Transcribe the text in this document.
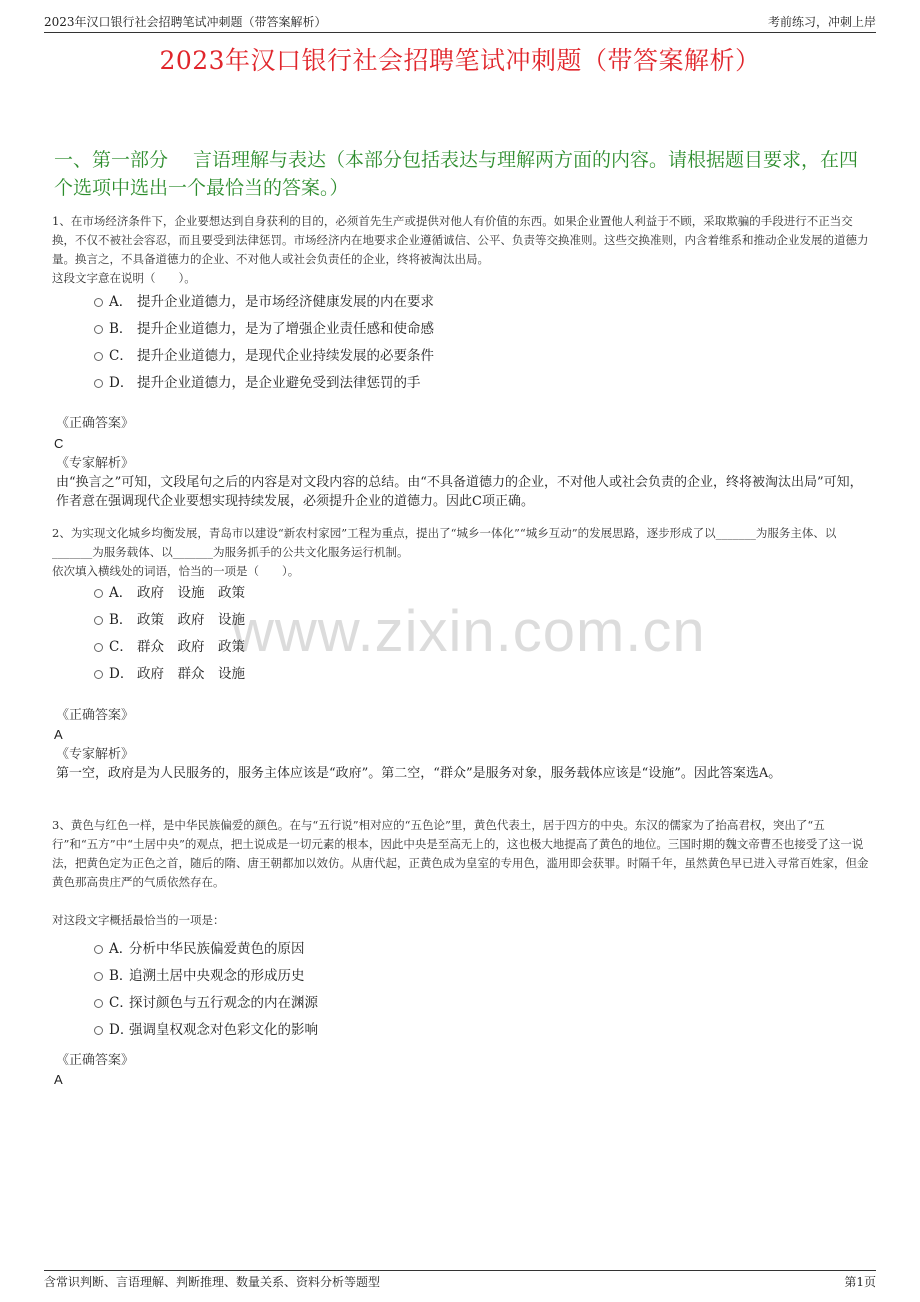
2023年汉口银行社会招聘笔试冲刺题（带答案解析）	考前练习，冲刺上岸
2023年汉口银行社会招聘笔试冲刺题（带答案解析）
一、第一部分　 言语理解与表达（本部分包括表达与理解两方面的内容。请根据题目要求，在四个选项中选出一个最恰当的答案。）
www.zixin.com.cn
1、在市场经济条件下，企业要想达到自身获利的目的，必须首先生产或提供对他人有价值的东西。如果企业置他人利益于不顾，采取欺骗的手段进行不正当交换，不仅不被社会容忍，而且要受到法律惩罚。市场经济内在地要求企业遵循诚信、公平、负责等交换准则。这些交换准则，内含着维系和推动企业发展的道德力量。换言之，不具备道德力的企业、不对他人或社会负责任的企业，终将被淘汰出局。
这段文字意在说明（　　）。
A． 提升企业道德力，是市场经济健康发展的内在要求
B． 提升企业道德力，是为了增强企业责任感和使命感
C． 提升企业道德力，是现代企业持续发展的必要条件
D． 提升企业道德力，是企业避免受到法律惩罚的手
《正确答案》
C
《专家解析》
由“换言之”可知，文段尾句之后的内容是对文段内容的总结。由“不具备道德力的企业，不对他人或社会负责的企业，终将被淘汰出局”可知，作者意在强调现代企业要想实现持续发展，必须提升企业的道德力。因此C项正确。
2、为实现文化城乡均衡发展，青岛市以建设“新农村家园”工程为重点，提出了“城乡一体化”“城乡互动”的发展思路，逐步形成了以_______为服务主体、以_______为服务载体、以_______为服务抓手的公共文化服务运行机制。
依次填入横线处的词语，恰当的一项是（　　）。
A． 政府　设施　政策
B． 政策　政府　设施
C． 群众　政府　政策
D． 政府　群众　设施
《正确答案》
A
《专家解析》
第一空，政府是为人民服务的，服务主体应该是“政府”。第二空，“群众”是服务对象，服务载体应该是“设施”。因此答案选A。
3、黄色与红色一样，是中华民族偏爱的颜色。在与“五行说”相对应的“五色论”里，黄色代表土，居于四方的中央。东汉的儒家为了抬高君权，突出了“五行”和“五方”中“土居中央”的观点，把土说成是一切元素的根本，因此中央是至高无上的，这也极大地提高了黄色的地位。三国时期的魏文帝曹丕也接受了这一说法，把黄色定为正色之首，随后的隋、唐王朝都加以效仿。从唐代起，正黄色成为皇室的专用色，滥用即会获罪。时隔千年，虽然黄色早已进入寻常百姓家，但金黄色那高贵庄严的气质依然存在。
对这段文字概括最恰当的一项是：
A．分析中华民族偏爱黄色的原因
B．追溯土居中央观念的形成历史
C．探讨颜色与五行观念的内在渊源
D．强调皇权观念对色彩文化的影响
《正确答案》
A
含常识判断、言语理解、判断推理、数量关系、资料分析等题型	第1页
